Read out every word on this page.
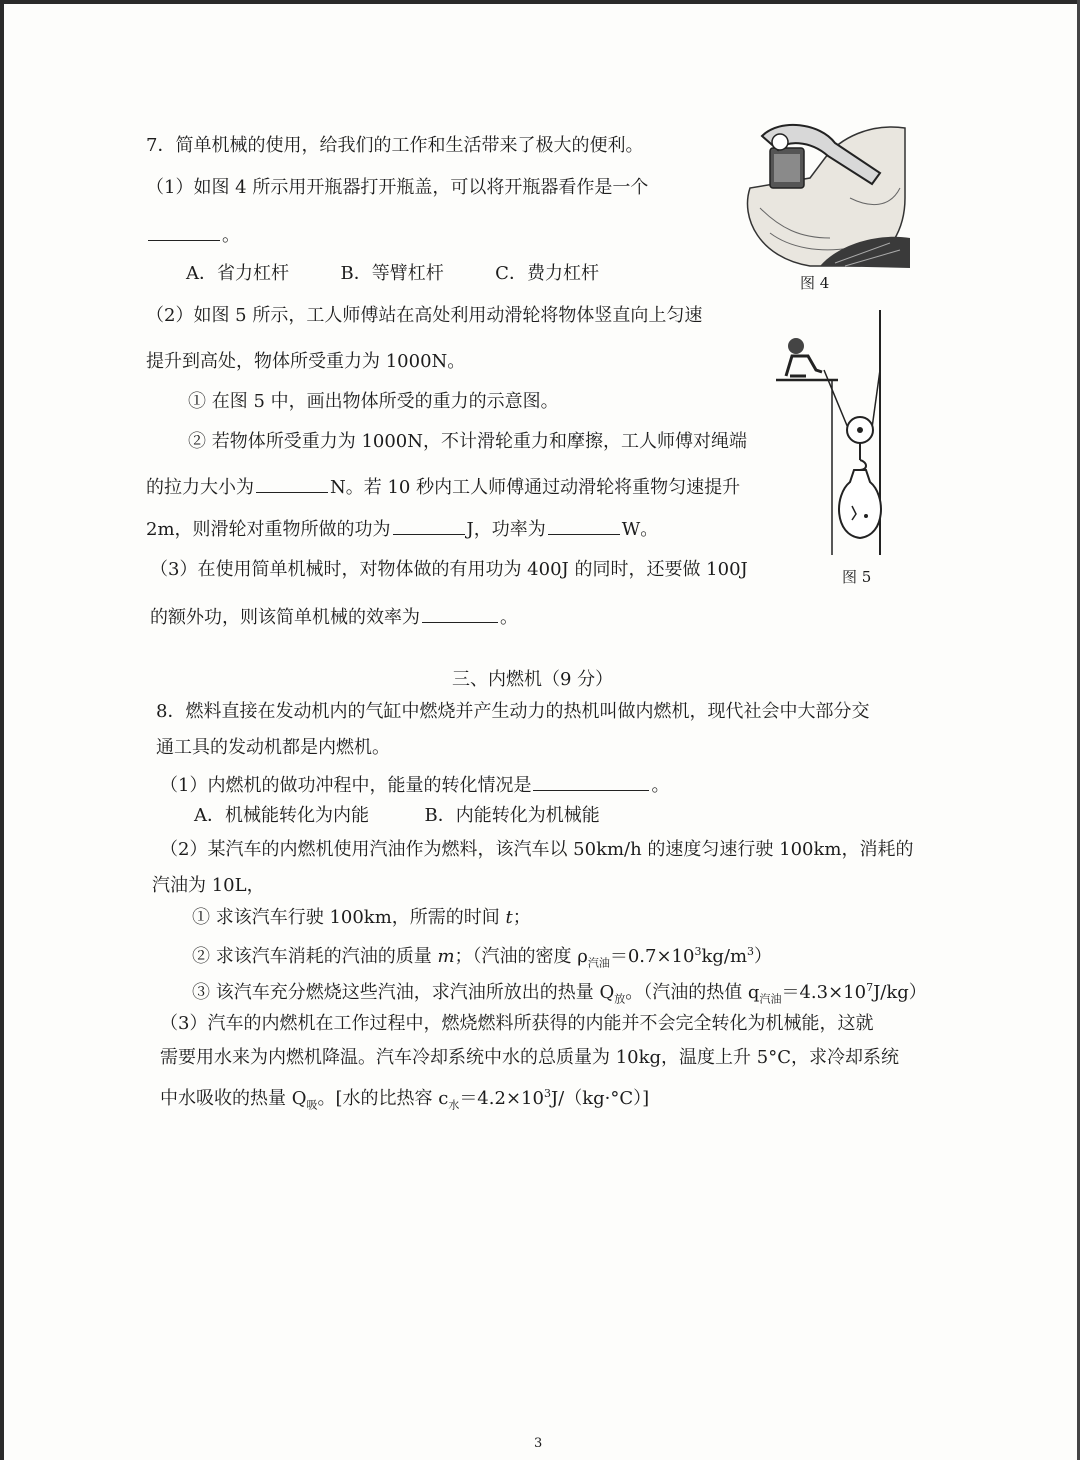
7．简单机械的使用，给我们的工作和生活带来了极大的便利。
（1）如图 4 所示用开瓶器打开瓶盖，可以将开瓶器看作是一个
。
A．省力杠杆	B．等臂杠杆	C．费力杠杆	图 4
（2）如图 5 所示，工人师傅站在高处利用动滑轮将物体竖直向上匀速
提升到高处，物体所受重力为 1000N。
① 在图 5 中，画出物体所受的重力的示意图。
② 若物体所受重力为 1000N，不计滑轮重力和摩擦，工人师傅对绳端
的拉力大小为	N。若 10 秒内工人师傅通过动滑轮将重物匀速提升
2m，则滑轮对重物所做的功为	J，功率为	W。
图 5
（3）在使用简单机械时，对物体做的有用功为 400J 的同时，还要做 100J
的额外功，则该简单机械的效率为	。
三、内燃机（9 分）
8．燃料直接在发动机内的气缸中燃烧并产生动力的热机叫做内燃机，现代社会中大部分交
通工具的发动机都是内燃机。
（1）内燃机的做功冲程中，能量的转化情况是	。
A．机械能转化为内能	B．内能转化为机械能
（2）某汽车的内燃机使用汽油作为燃料，该汽车以 50km/h 的速度匀速行驶 100km，消耗的
汽油为 10L，
① 求该汽车行驶 100km，所需的时间 t；
② 求该汽车消耗的汽油的质量 m；（汽油的密度 $\rho_{汽油}=0.7\times 10^3kg/m^3$）
③ 该汽车充分燃烧这些汽油，求汽油所放出的热量 $Q_放$。（汽油的热值 $q_{汽油}=4.3\times 10^7J/kg$）
（3）汽车的内燃机在工作过程中，燃烧燃料所获得的内能并不会完全转化为机械能，这就
需要用水来为内燃机降温。汽车冷却系统中水的总质量为 10kg，温度上升 5°C，求冷却系统
中水吸收的热量 $Q_吸$。[水的比热容 $c_水=4.2\times 10^3J/(kg\cdot^\circ C)$]
3
